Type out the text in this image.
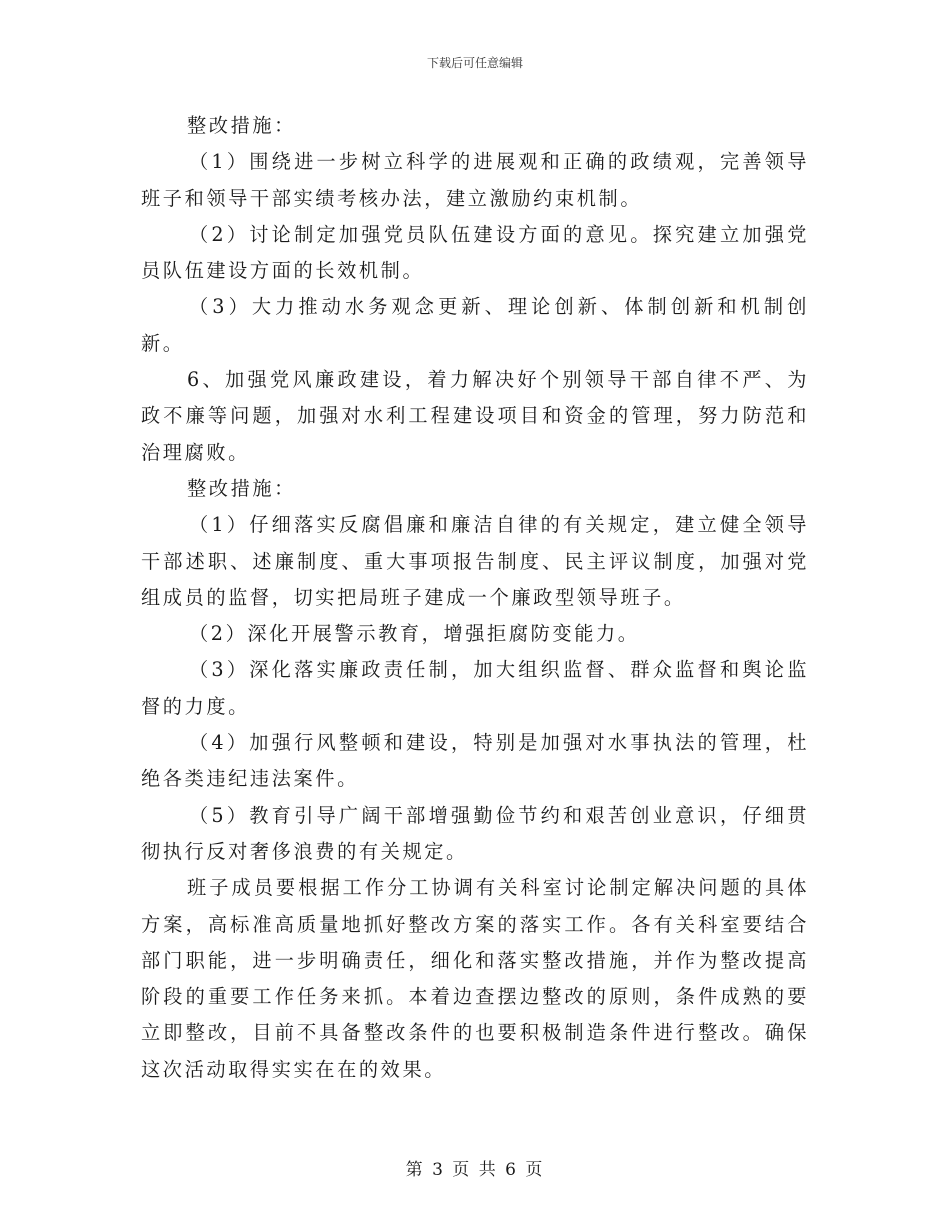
下载后可任意编辑

整改措施：

（1）围绕进一步树立科学的进展观和正确的政绩观，完善领导班子和领导干部实绩考核办法，建立激励约束机制。

（2）讨论制定加强党员队伍建设方面的意见。探究建立加强党员队伍建设方面的长效机制。

（3）大力推动水务观念更新、理论创新、体制创新和机制创新。

6、加强党风廉政建设，着力解决好个别领导干部自律不严、为政不廉等问题，加强对水利工程建设项目和资金的管理，努力防范和治理腐败。

整改措施：

（1）仔细落实反腐倡廉和廉洁自律的有关规定，建立健全领导干部述职、述廉制度、重大事项报告制度、民主评议制度，加强对党组成员的监督，切实把局班子建成一个廉政型领导班子。

（2）深化开展警示教育，增强拒腐防变能力。

（3）深化落实廉政责任制，加大组织监督、群众监督和舆论监督的力度。

（4）加强行风整顿和建设，特别是加强对水事执法的管理，杜绝各类违纪违法案件。

（5）教育引导广阔干部增强勤俭节约和艰苦创业意识，仔细贯彻执行反对奢侈浪费的有关规定。

班子成员要根据工作分工协调有关科室讨论制定解决问题的具体方案，高标准高质量地抓好整改方案的落实工作。各有关科室要结合部门职能，进一步明确责任，细化和落实整改措施，并作为整改提高阶段的重要工作任务来抓。本着边查摆边整改的原则，条件成熟的要立即整改，目前不具备整改条件的也要积极制造条件进行整改。确保这次活动取得实实在在的效果。

第 3 页 共 6 页
